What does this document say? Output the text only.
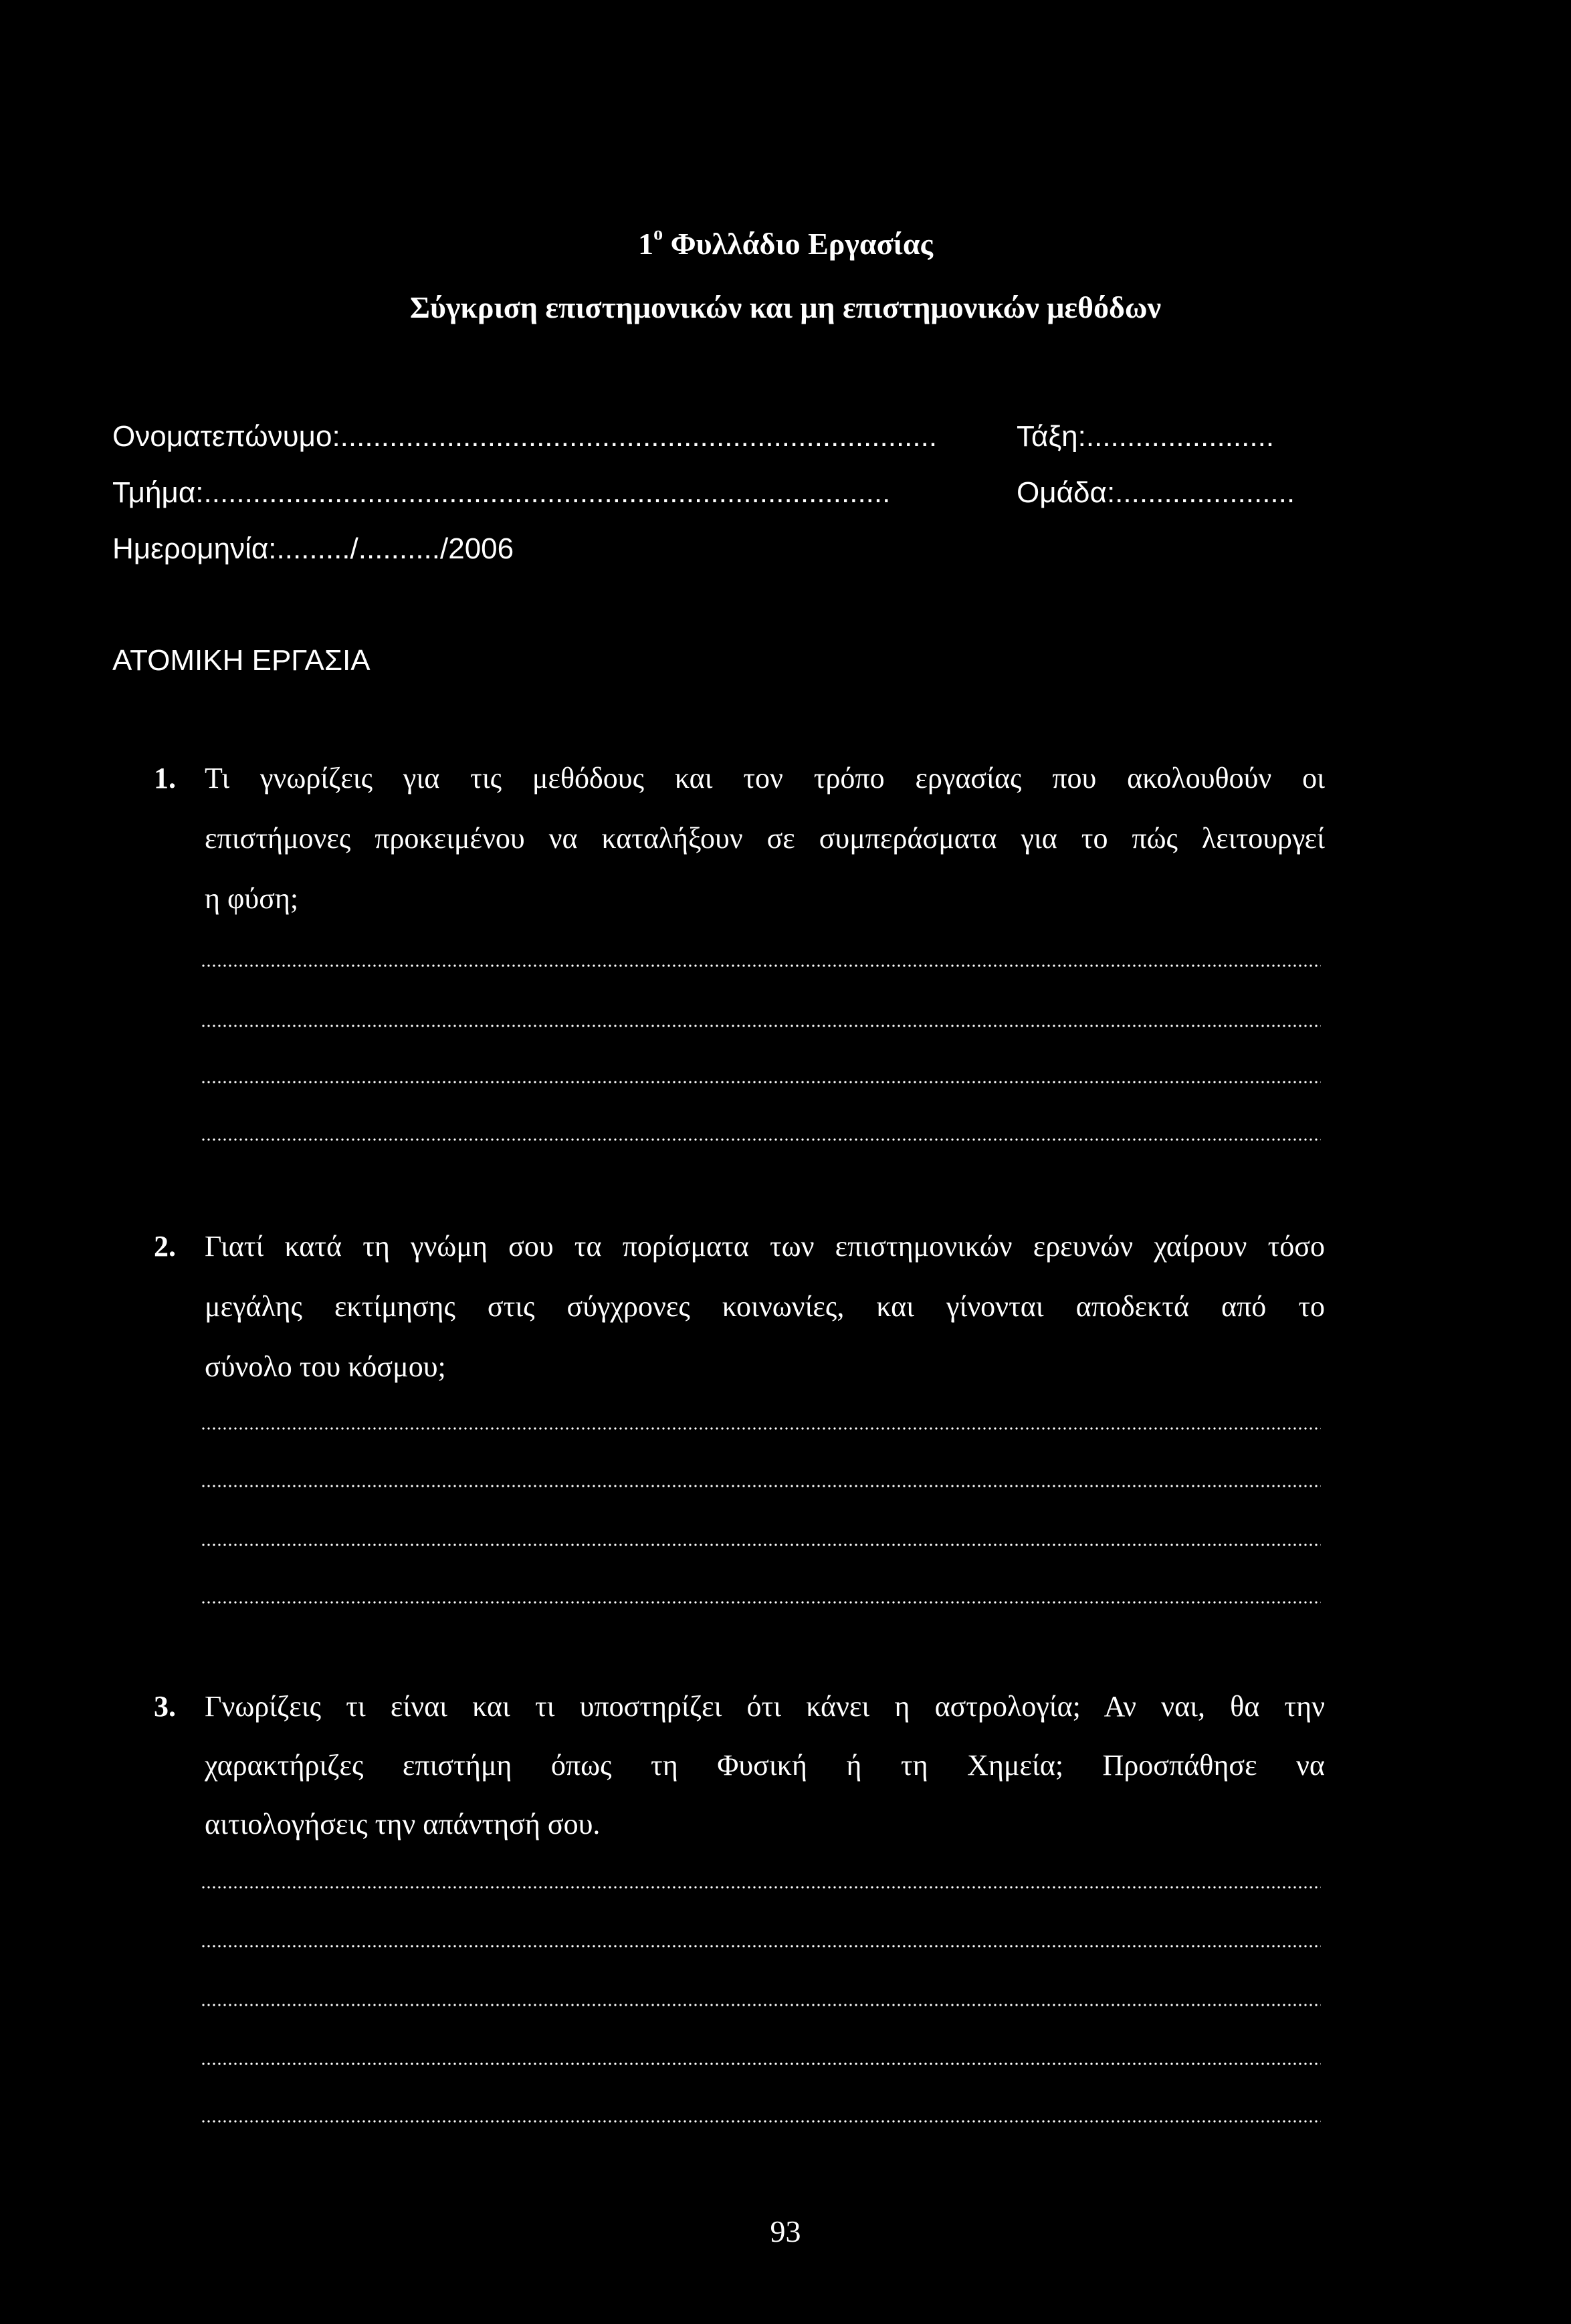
$1^o$ Φυλλάδιο Εργασίας
Σύγκριση επιστημονικών και μη επιστημονικών μεθόδων
Ονοματεπώνυμο:.........................................................................	Τάξη:.......................
Τμήμα:....................................................................................	Ομάδα:......................
Ημερομηνία:........./........../2006
ΑΤΟΜΙΚΗ ΕΡΓΑΣΙΑ
1. Τι γνωρίζεις για τις μεθόδους και τον τρόπο εργασίας που ακολουθούν οι
επιστήμονες προκειμένου να καταλήξουν σε συμπεράσματα για το πώς λειτουργεί
η φύση;
2. Γιατί κατά τη γνώμη σου τα πορίσματα των επιστημονικών ερευνών χαίρουν τόσο
μεγάλης εκτίμησης στις σύγχρονες κοινωνίες, και γίνονται αποδεκτά από το
σύνολο του κόσμου;
3. Γνωρίζεις τι είναι και τι υποστηρίζει ότι κάνει η αστρολογία; Αν ναι, θα την
χαρακτήριζες επιστήμη όπως τη Φυσική ή τη Χημεία; Προσπάθησε να
αιτιολογήσεις την απάντησή σου.
93
